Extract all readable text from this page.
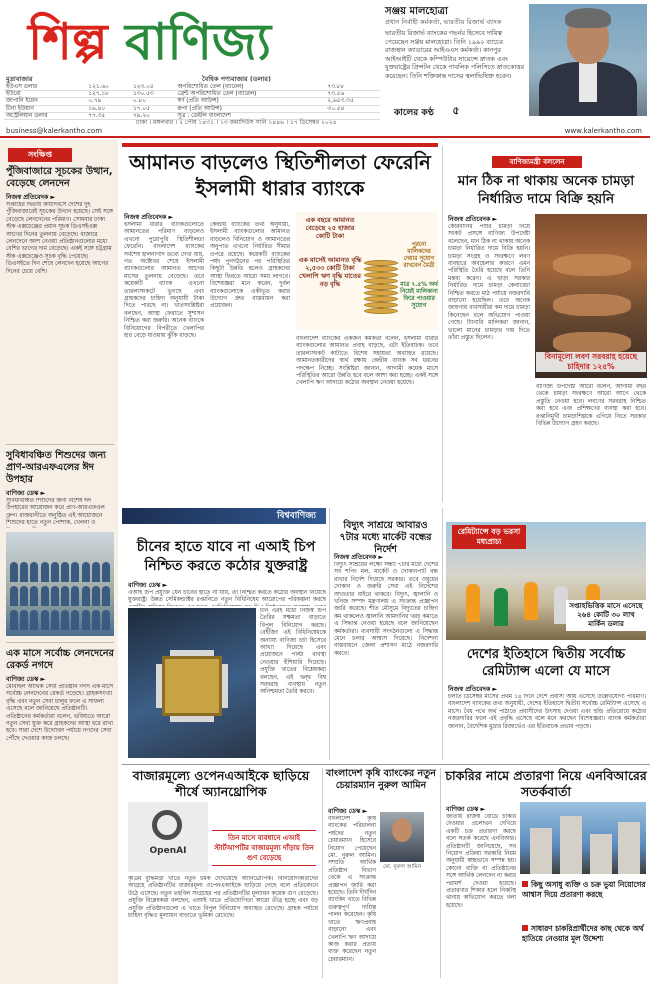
শিল্প বাণিজ্য
সঞ্জয় মালহোত্রা
প্রধান নির্বাহী কর্মকর্তা, ভারতীয় রিজার্ভ ব্যাংক
ভারতীয় রিজার্ভ ব্যাংকের গভর্নর হিসেবে দায়িত্ব পেয়েছেন সঞ্জয় মালহোত্রা। তিনি ১৯৯০ ব্যাচের রাজস্থান ক্যাডারের আইএএস কর্মকর্তা। কানপুর আইআইটি থেকে কম্পিউটার সায়েন্সে স্নাতক এবং যুক্তরাষ্ট্রের প্রিন্সটন থেকে পাবলিক পলিসিতে স্নাতকোত্তর করেছেন। তিনি শক্তিকান্ত দাসের স্থলাভিষিক্ত হবেন।
মুদ্রাবাজার	বৈশ্বিক পণ্যবাজার (ডলার)
ইউএস ডলার	১২১.৬০	১২৩.০৫	অপরিশোধিত তেল (ব্যারেল)	৭৩.৮৮
ইউরো	১২৭.১৮	১৩০.৫৩	ব্রেন্ট অপরিশোধিত তেল (ব্যারেল)	৭৩.৫৬
জাপানি ইয়েন	০.৭৯	০.৮০	স্বর্ণ (প্রতি আউন্স)	২,৬৫৩.৩৫
চীনা ইউয়ান	১৬.৪০	১৭.০৫	রুপা (প্রতি আউন্স)	৩০.৫৪
অস্ট্রেলিয়ান ডলার	৭৭.৩৫	৭৯.২০	সূত্র : ডেইলি বাংলাদেশ	
ঢাকা । মঙ্গলবার । ২ পৌষ ১৪৩১ । ১৩ জমাদিউস সানি ১৪৪৬ । ১৭ ডিসেম্বর ২০২৪
কালের কণ্ঠ	৫
business@kalerkantho.com	www.kalerkantho.com
সংক্ষিপ্ত
পুঁজিবাজারে সূচকের উত্থান, বেড়েছে লেনদেন
নিজস্ব প্রতিবেদক ►
সপ্তাহের দ্বিতীয় কার্যদিবসে দেশের দুই পুঁজিবাজারেই সূচকের উত্থান হয়েছে। সেই সঙ্গে বেড়েছে লেনদেনের পরিমাণ। সোমবার ঢাকা স্টক এক্সচেঞ্জের প্রধান সূচক ডিএসইএক্স আগের দিনের তুলনায় বেড়েছে। বাজারে লেনদেনে অংশ নেওয়া প্রতিষ্ঠানগুলোর মধ্যে বেশির ভাগের দাম বেড়েছে। একই সঙ্গে চট্টগ্রাম স্টক এক্সচেঞ্জেও সূচক বৃদ্ধি পেয়েছে। ডিএসইতে দিন শেষে লেনদেন হয়েছে আগের দিনের চেয়ে বেশি।
সুবিধাবঞ্চিত শিশুদের জন্য প্রাণ-আরএফএলের ঈদ উপহার
বাণিজ্য ডেস্ক ►
সুবিধাবঞ্চিত শিশুদের জন্য বিশেষ ঈদ উপহারের আয়োজন করে প্রাণ-আরএফএল গ্রুপ। রাজধানীতে অনুষ্ঠিত এই আয়োজনে শিশুদের হাতে নতুন পোশাক, খেলনা ও
এক মাসে সর্বোচ্চ লেনদেনের রেকর্ড নগদে
বাণিজ্য ডেস্ক ►
মোবাইল আর্থিক সেবা প্রতিষ্ঠান নগদ এক মাসে সর্বোচ্চ লেনদেনের রেকর্ড গড়েছে। গ্রাহকসংখ্যা বৃদ্ধি এবং নতুন সেবা চালুর ফলে এ সাফল্য এসেছে বলে জানিয়েছে প্রতিষ্ঠানটি। প্রতিষ্ঠানের কর্মকর্তারা বলেন, ভবিষ্যতে আরো নতুন সেবা যুক্ত করে গ্রাহকদের আস্থা ধরে রাখা হবে। সারা দেশে উদ্যোক্তা পর্যায়ে নগদের সেবা পৌঁছে দেওয়ার কাজ চলছে।
আমানত বাড়লেও স্থিতিশীলতা ফেরেনি ইসলামী ধারার ব্যাংকে
নিজস্ব প্রতিবেদক ►
ইসলামী ধারার ব্যাংকগুলোতে আমানতের পরিমাণ বাড়লেও এখনো পুরোপুরি স্থিতিশীলতা ফেরেনি। বাংলাদেশ ব্যাংকের সর্বশেষ হালনাগাদ তথ্যে দেখা যায়, গত অক্টোবর শেষে ইসলামী ব্যাংকগুলোর আমানত আগের মাসের তুলনায় বেড়েছে। তবে কয়েকটি ব্যাংক এখনো তারল্যসংকটে ভুগছে এবং গ্রাহকদের চাহিদা অনুযায়ী টাকা দিতে পারছে না। খাতসংশ্লিষ্টরা বলছেন, আস্থা ফেরাতে সুশাসন নিশ্চিত করা জরুরি। অনেক ব্যাংকে বিনিয়োগের বিপরীতে খেলাপির হার বেড়ে যাওয়ায় ঝুঁকি বাড়ছে।
কেন্দ্রীয় ব্যাংকের তথ্য অনুযায়ী, ইসলামী ব্যাংকগুলোর আমানত বাড়লেও বিনিয়োগ ও আমানতের অনুপাত এখনো নির্ধারিত সীমার ওপরে রয়েছে। কয়েকটি ব্যাংকের পর্ষদ পুনর্গঠনের পর পরিস্থিতির কিছুটা উন্নতি হলেও গ্রাহকদের আস্থা ফিরতে আরো সময় লাগবে। বিশেষজ্ঞরা মনে করেন, দুর্বল ব্যাংকগুলোকে একীভূত করার উদ্যোগ দ্রুত বাস্তবায়ন করা প্রয়োজন।
এক বছরে আমানত বেড়েছে ২৫ হাজার কোটি টাকা
এক মাসেই আমানত বৃদ্ধি ২,৫৩৩ কোটি টাকা খেলাপি ঋণ বৃদ্ধি যাতের বড় বৃদ্ধি
পুরনো মালিকদের দেয়ার সুযোগ রাখবেন মৈত্রী
মাত্র ৭.৫% অর্থ নিয়েই মালিকানা ফিরে পাওয়ার সুযোগ
বাংলাদেশ ব্যাংকের একজন কর্মকর্তা বলেন, ইসলামী ধারার ব্যাংকগুলোর আমানত প্রবাহ বাড়ছে, এটা ইতিবাচক। তবে তারল্যসংকট কাটাতে বিশেষ সহায়তা অব্যাহত রয়েছে। আমানতকারীদের স্বার্থ রক্ষায় কেন্দ্রীয় ব্যাংক সব ধরনের পদক্ষেপ নিচ্ছে। সংশ্লিষ্টরা জানান, আগামী কয়েক মাসে পরিস্থিতির আরো উন্নতি হবে বলে আশা করা হচ্ছে। একই সঙ্গে খেলাপি ঋণ আদায়ে কঠোর অবস্থান নেওয়া হয়েছে।
বাণিজ্যমন্ত্রী বললেন
মান ঠিক না থাকায় অনেক চামড়া নির্ধারিত দামে বিক্রি হয়নি
নিজস্ব প্রতিবেদক ►
কোরবানির পশুর চামড়া নিয়ে সংকট প্রসঙ্গে বাণিজ্য উপদেষ্টা বলেছেন, মান ঠিক না থাকায় অনেক চামড়া নির্ধারিত দামে বিক্রি হয়নি। চামড়া সংগ্রহ ও সংরক্ষণে লবণ ব্যবহারে অবহেলার কারণে এমন পরিস্থিতি তৈরি হয়েছে বলে তিনি মন্তব্য করেন। এ ছাড়া সরকার নির্ধারিত দামে চামড়া কেনাবেচা নিশ্চিত করতে মাঠ পর্যায়ে নজরদারি বাড়ানো হয়েছিল। তবে অনেক জায়গায় ব্যবসায়ীরা কম দামে চামড়া কিনেছেন বলে অভিযোগ পাওয়া গেছে। ট্যানারি মালিকরা জানান, ভালো মানের চামড়ার দাম দিতে তাঁরা প্রস্তুত ছিলেন।
বিনামূল্যে লবণ সরবরাহ হয়েছে চাহিদার ১২৫%
বাণিজ্য উপদেষ্টা আরো বলেন, আগামী বছর থেকে চামড়া সংরক্ষণে আরো আগে থেকে প্রস্তুতি নেওয়া হবে। লবণের সরবরাহ নিশ্চিত করা হবে এবং প্রশিক্ষণের ব্যবস্থা করা হবে। রপ্তানিমুখী চামড়াশিল্পকে এগিয়ে নিতে সরকার বিভিন্ন উদ্যোগ গ্রহণ করছে।
বিশ্ববাণিজ্য
চীনের হাতে যাবে না এআই চিপ নিশ্চিত করতে কঠোর যুক্তরাষ্ট্র
বাণিজ্য ডেস্ক ►
এআই চিপ প্রযুক্তি যেন চীনের হাতে না যায়, তা নিশ্চিত করতে কঠোর অবস্থান নিয়েছে যুক্তরাষ্ট্র। উন্নত সেমিকন্ডাক্টর রপ্তানিতে নতুন বিধিনিষেধ আরোপের পরিকল্পনা করছে
চীন এরই মধ্যে নিজস্ব চিপ তৈরির সক্ষমতা বাড়াতে বিপুল বিনিয়োগ করছে। বেইজিং এই বিধিনিষেধকে অন্যায্য বাণিজ্য চর্চা হিসেবে আখ্যা দিয়েছে এবং প্রয়োজনে পাল্টা ব্যবস্থা নেওয়ার হুঁশিয়ারি দিয়েছে। প্রযুক্তি খাতের বিশ্লেষকরা বলছেন, এই দ্বন্দ্ব বিশ্ব সরবরাহ ব্যবস্থায় নতুন অনিশ্চয়তা তৈরি করবে।
বিদ্যুৎ সাশ্রয়ে আবারও ৭টার মধ্যে মার্কেট বন্ধের নির্দেশ
নিজস্ব প্রতিবেদক ►
বিদ্যুৎ সাশ্রয়ের লক্ষ্যে সন্ধ্যা ৭টার মধ্যে দেশের সব শপিং মল, মার্কেট ও দোকানপাট বন্ধ রাখার নির্দেশ দিয়েছে সরকার। তবে ওষুধের দোকান ও জরুরি সেবা এই নির্দেশের আওতার বাইরে থাকবে। বিদ্যুৎ, জ্বালানি ও খনিজ সম্পদ মন্ত্রণালয় এ সংক্রান্ত প্রজ্ঞাপন জারি করেছে। শীত মৌসুমে বিদ্যুতের চাহিদা কম থাকলেও জ্বালানি আমদানির খরচ কমাতে এ সিদ্ধান্ত নেওয়া হয়েছে বলে জানিয়েছেন কর্মকর্তারা। ব্যবসায়ী সংগঠনগুলো এ সিদ্ধান্ত মেনে চলার আশ্বাস দিয়েছে। নির্দেশনা বাস্তবায়নে জেলা প্রশাসন মাঠে নজরদারি করবে।
রেমিট্যান্সে বড় ভরসা মধ্যপ্রাচ্য
সপ্তাহভিত্তিক মাসে এসেছে ২৬৪ কোটি ৩০ লাখ মার্কিন ডলার
দেশের ইতিহাসে দ্বিতীয় সর্বোচ্চ রেমিট্যান্স এলো যে মাসে
নিজস্ব প্রতিবেদক ►
চলতি ডিসেম্বর মাসের প্রথম ১৪ দিনে দেশে প্রবাসী আয় এসেছে উল্লেখযোগ্য পরিমাণ। বাংলাদেশ ব্যাংকের তথ্য অনুযায়ী, দেশের ইতিহাসে দ্বিতীয় সর্বোচ্চ রেমিট্যান্স এসেছে এ মাসে। বৈধ পথে অর্থ পাঠাতে প্রবাসীদের উৎসাহ দেওয়া এবং হুন্ডি প্রতিরোধে কঠোর নজরদারির ফলে এই প্রবৃদ্ধি এসেছে বলে মনে করছেন বিশেষজ্ঞরা। ব্যাংক কর্মকর্তারা জানান, বৈদেশিক মুদ্রার রিজার্ভেও এর ইতিবাচক প্রভাব পড়ছে।
বাজারমূল্যে ওপেনএআইকে ছাড়িয়ে শীর্ষে অ্যানথ্রোপিক
OpenAI
তিন মাসে ব্যবধানে এআই স্টার্টআপটির বাজারমূল্য দাঁড়ায় তিন গুণ বেড়েছে
কৃত্রিম বুদ্ধিমত্তা খাতে নতুন চমক দেখিয়েছে অ্যানথ্রোপিক। বিনিয়োগকারীদের আগ্রহে প্রতিষ্ঠানটির বাজারমূল্য ওপেনএআইকে ছাড়িয়ে গেছে বলে প্রতিবেদনে উঠে এসেছে। নতুন তহবিল সংগ্রহের পর প্রতিষ্ঠানটির মূল্যায়ন কয়েক গুণ বেড়েছে। প্রযুক্তি বিশ্লেষকরা বলছেন, এআই খাতে প্রতিযোগিতা আরো তীব্র হচ্ছে এবং বড় প্রযুক্তি প্রতিষ্ঠানগুলো এ খাতে বিপুল বিনিয়োগ অব্যাহত রেখেছে। গ্রাহক পর্যায়ে চাহিদা বৃদ্ধিও মূল্যায়ন বাড়াতে ভূমিকা রেখেছে।
বাংলাদেশ কৃষি ব্যাংকের নতুন চেয়ারম্যান নুরুল আমিন
বাণিজ্য ডেস্ক ►
মো. নুরুল আমিন
বাংলাদেশ কৃষি ব্যাংকের পরিচালনা পর্ষদের নতুন চেয়ারম্যান হিসেবে নিয়োগ পেয়েছেন মো. নুরুল আমিন। সম্প্রতি আর্থিক প্রতিষ্ঠান বিভাগ থেকে এ সংক্রান্ত প্রজ্ঞাপন জারি করা হয়েছে। তিনি দীর্ঘদিন ব্যাংকিং খাতে বিভিন্ন গুরুত্বপূর্ণ দায়িত্ব পালন করেছেন। কৃষি খাতে ঋণপ্রবাহ বাড়ানো এবং খেলাপি ঋণ আদায়ে কাজ করার প্রত্যয় ব্যক্ত করেছেন নতুন চেয়ারম্যান।
চাকরির নামে প্রতারণা নিয়ে এনবিআরের সতর্কবার্তা
বাণিজ্য ডেস্ক ►
জাতীয় রাজস্ব বোর্ডে চাকরি দেওয়ার প্রলোভন দেখিয়ে একটি চক্র প্রতারণা করছে বলে সতর্ক করেছে এনবিআর। প্রতিষ্ঠানটি জানিয়েছে, সব নিয়োগ প্রক্রিয়া সরকারি নিয়ম অনুযায়ী স্বচ্ছভাবে সম্পন্ন হয়। কোনো ব্যক্তি বা প্রতিষ্ঠানের সঙ্গে আর্থিক লেনদেন না করার পরামর্শ দেওয়া হয়েছে। প্রতারণার শিকার হলে নিকটস্থ থানায় অভিযোগ করতে বলা হয়েছে।
কিছু অসাধু ব্যক্তি ও চক্র ভুয়া নিয়োগের আশ্বাস দিয়ে প্রতারণা করছে
সাধারণ চাকরিপ্রার্থীদের কাছ থেকে অর্থ হাতিয়ে নেওয়ার মূল উদ্দেশ্য
